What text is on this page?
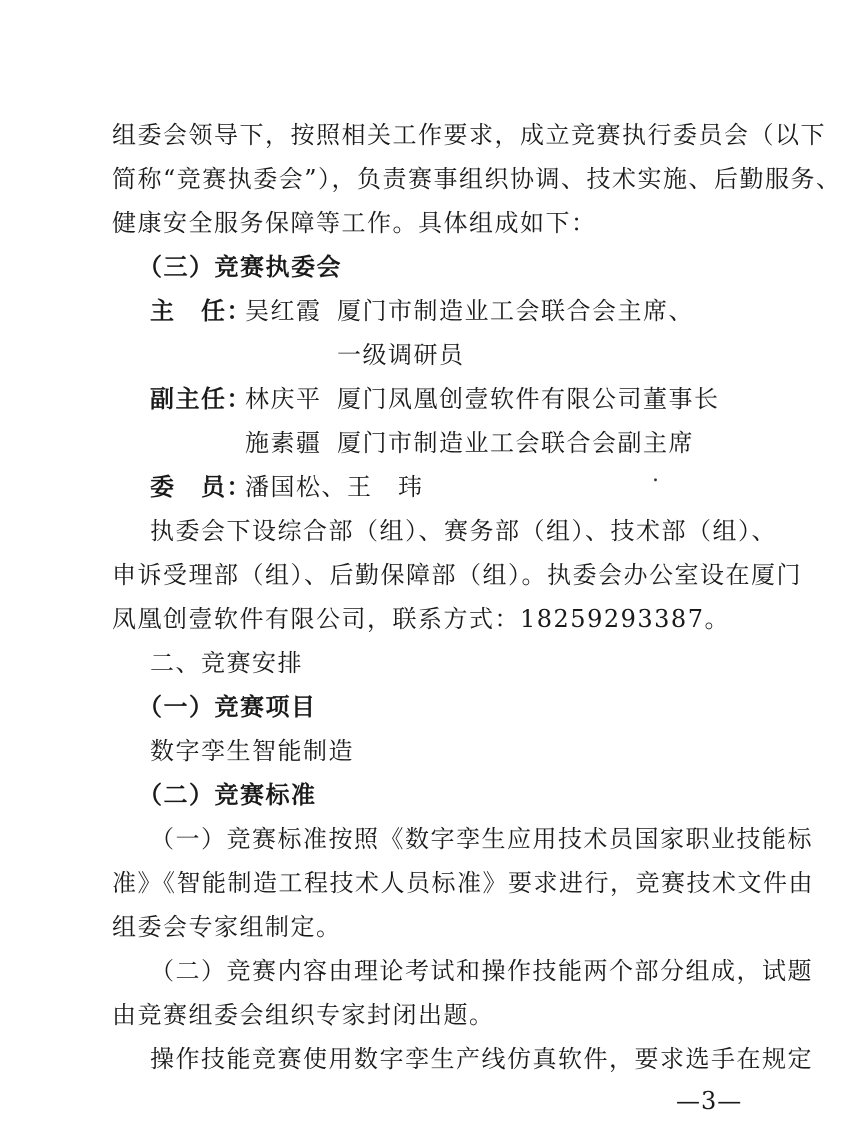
组委会领导下，按照相关工作要求，成立竞赛执行委员会（以下
简称“竞赛执委会”），负责赛事组织协调、技术实施、后勤服务、
健康安全服务保障等工作。具体组成如下：
（三）竞赛执委会
主　任：吴红霞 厦门市制造业工会联合会主席、
一级调研员
副主任：林庆平 厦门凤凰创壹软件有限公司董事长
施素疆 厦门市制造业工会联合会副主席
委　员：潘国松、王　玮	.
执委会下设综合部（组）、赛务部（组）、技术部（组）、
申诉受理部（组）、后勤保障部（组）。执委会办公室设在厦门
凤凰创壹软件有限公司，联系方式：18259293387。
二、竞赛安排
（一）竞赛项目
数字孪生智能制造
（二）竞赛标准
（一）竞赛标准按照《数字孪生应用技术员国家职业技能标
准》《智能制造工程技术人员标准》要求进行，竞赛技术文件由
组委会专家组制定。
（二）竞赛内容由理论考试和操作技能两个部分组成，试题
由竞赛组委会组织专家封闭出题。
操作技能竞赛使用数字孪生产线仿真软件，要求选手在规定
—3—
